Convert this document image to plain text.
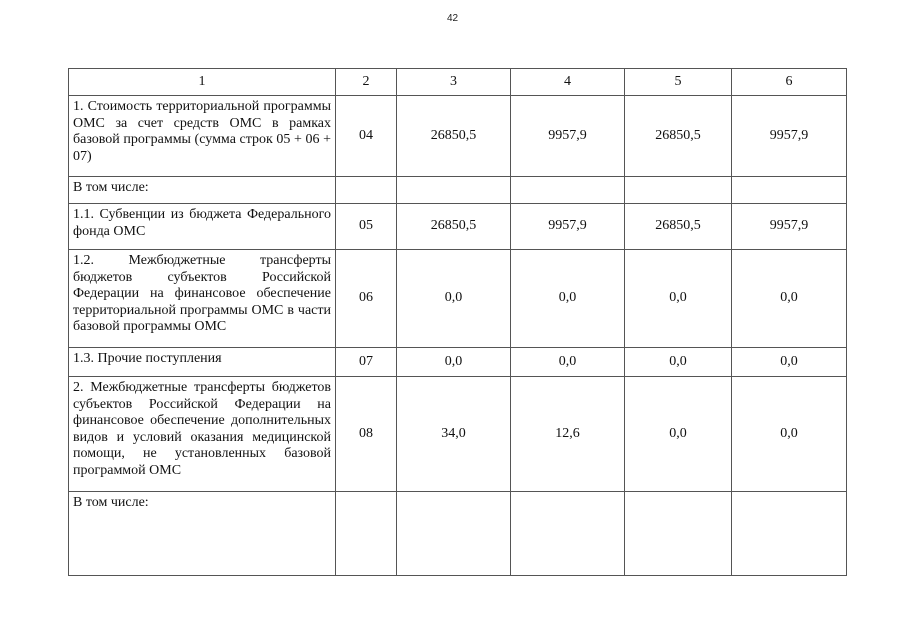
42
1	2	3	4	5	6
1. Стоимость территориальной программы ОМС за счет средств ОМС в рамках базовой программы (сумма строк 05 + 06 + 07)	04	26850,5	9957,9	26850,5	9957,9
В том числе:					
1.1. Субвенции из бюджета Федерального фонда ОМС	05	26850,5	9957,9	26850,5	9957,9
1.2. Межбюджетные трансферты бюджетов субъектов Российской Федерации на финансовое обеспечение территориальной программы ОМС в части базовой программы ОМС	06	0,0	0,0	0,0	0,0
1.3. Прочие поступления	07	0,0	0,0	0,0	0,0
2. Межбюджетные трансферты бюджетов субъектов Российской Федерации на финансовое обеспечение дополнительных видов и условий оказания медицинской помощи, не установленных базовой программой ОМС	08	34,0	12,6	0,0	0,0
В том числе:					
